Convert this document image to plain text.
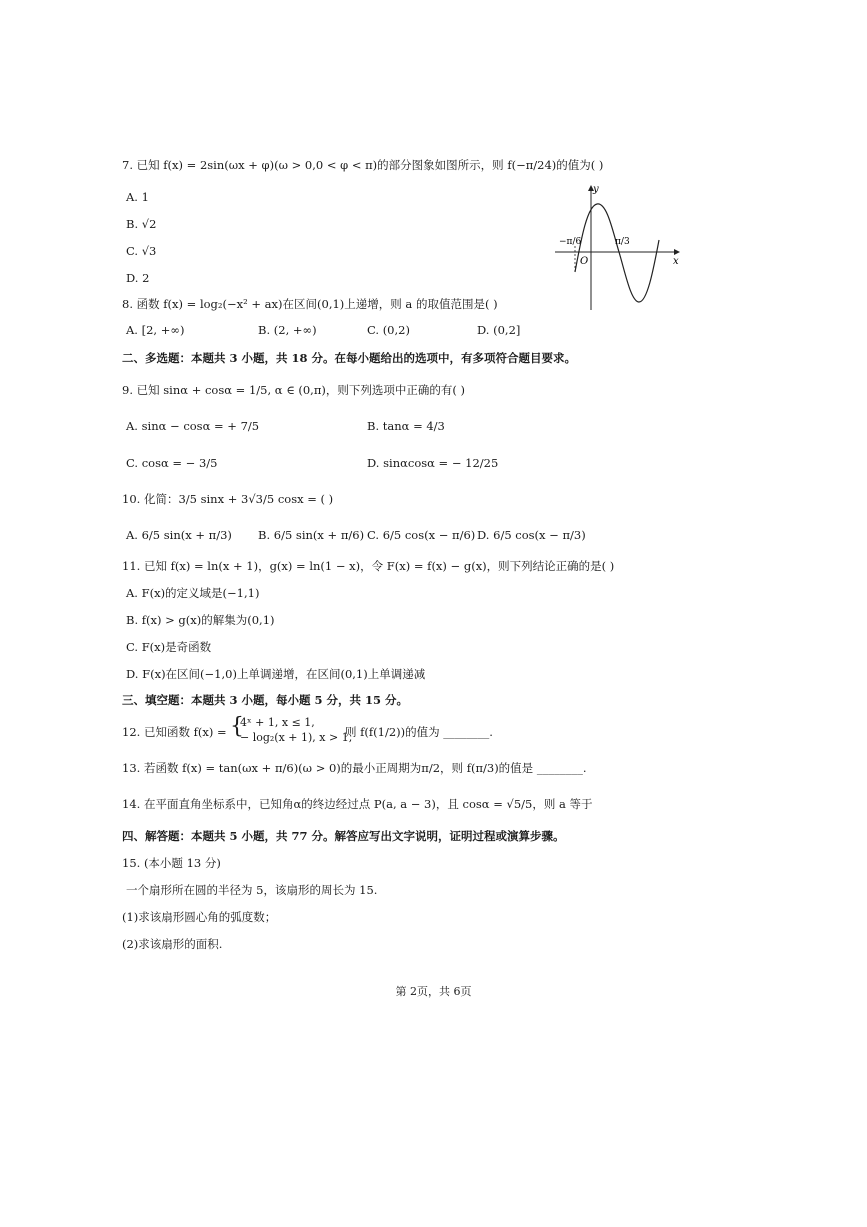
7. 已知 f(x) = 2sin(ωx + φ)(ω > 0,0 < φ < π)的部分图象如图所示，则 f(−π/24)的值为( )
A. 1
B. √2
C. √3
D. 2
y
x
O
−π/6	π/3
8. 函数 f(x) = log₂(−x² + ax)在区间(0,1)上递增，则 a 的取值范围是( )
A. [2, +∞)	B. (2, +∞)	C. (0,2)	D. (0,2]
二、多选题：本题共 3 小题，共 18 分。在每小题给出的选项中，有多项符合题目要求。
9. 已知 sinα + cosα = 1/5, α ∈ (0,π)，则下列选项中正确的有( )
A. sinα − cosα = + 7/5	B. tanα = 4/3
C. cosα = − 3/5	D. sinαcosα = − 12/25
10. 化简：3/5 sinx + 3√3/5 cosx = ( )
A. 6/5 sin(x + π/3) B. 6/5 sin(x + π/6) C. 6/5 cos(x − π/6) D. 6/5 cos(x − π/3)
11. 已知 f(x) = ln(x + 1)，g(x) = ln(1 − x)，令 F(x) = f(x) − g(x)，则下列结论正确的是( )
A. F(x)的定义域是(−1,1)
B. f(x) > g(x)的解集为(0,1)
C. F(x)是奇函数
D. F(x)在区间(−1,0)上单调递增，在区间(0,1)上单调递减
三、填空题：本题共 3 小题，每小题 5 分，共 15 分。
12. 已知函数 f(x) = {
4ˣ + 1, x ≤ 1,
− log₂(x + 1), x > 1,
则 f(f(1/2))的值为 ________.
13. 若函数 f(x) = tan(ωx + π/6)(ω > 0)的最小正周期为π/2，则 f(π/3)的值是 ________.
14. 在平面直角坐标系中，已知角α的终边经过点 P(a, a − 3)，且 cosα = √5/5，则 a 等于
四、解答题：本题共 5 小题，共 77 分。解答应写出文字说明，证明过程或演算步骤。
15. (本小题 13 分)
一个扇形所在圆的半径为 5，该扇形的周长为 15.
(1)求该扇形圆心角的弧度数；
(2)求该扇形的面积.
第 2页，共 6页
